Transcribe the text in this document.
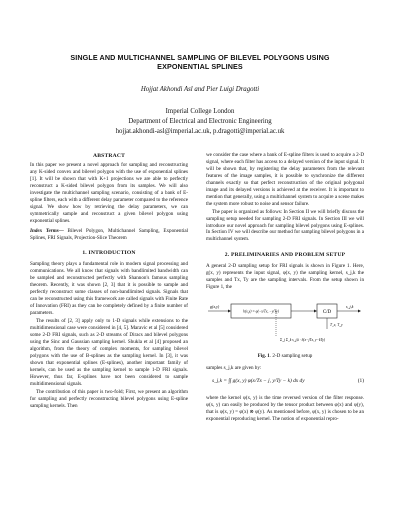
SINGLE AND MULTICHANNEL SAMPLING OF BILEVEL POLYGONS USING
EXPONENTIAL SPLINES
Hojjat Akhondi Asl and Pier Luigi Dragotti
Imperial College London
Department of Electrical and Electronic Engineering
hojjat.akhondi-asl@imperial.ac.uk, p.dragotti@imperial.ac.uk
ABSTRACT

In this paper we present a novel approach for sampling and reconstructing any K-sided convex and bilevel polygon with the use of exponential splines [1]. It will be shown that with K+1 projections we are able to perfectly reconstruct a K-sided bilevel polygon from its samples. We will also investigate the multichannel sampling scenario, consisting of a bank of E-spline filters, each with a different delay parameter compared to the reference signal. We show how by retrieving the delay parameters, we can symmetrically sample and reconstruct a given bilevel polygon using exponential splines.

Index Terms— Bilevel Polygon, Multichannel Sampling, Exponential Splines, FRI Signals, Projection-Slice Theorem

1. INTRODUCTION

Sampling theory plays a fundamental role in modern signal processing and communications. We all know that signals with bandlimited bandwidth can be sampled and reconstructed perfectly with Shannon's famous sampling theorem. Recently, it was shown [2, 3] that it is possible to sample and perfectly reconstruct some classes of non-bandlimited signals. Signals that can be reconstructed using this framework are called signals with Finite Rate of Innovation (FRI) as they can be completely defined by a finite number of parameters.

The results of [2, 3] apply only to 1-D signals while extensions to the multidimensional case were considered in [4, 5]. Maravic et al [5] considered some 2-D FRI signals, such as 2-D streams of Diracs and bilevel polygons using the Sinc and Gaussian sampling kernel. Shukla et al [4] proposed an algorithm, from the theory of complex moments, for sampling bilevel polygons with the use of B-splines as the sampling kernel. In [3], it was shown that exponential splines (E-splines), another important family of kernels, can be used as the sampling kernel to sample 1-D FRI signals. However, thus far, E-splines have not been considered to sample multidimensional signals.

The contribution of this paper is two-fold; First, we present an algorithm for sampling and perfectly reconstructing bilevel polygons using E-spline sampling kernels. Then

we consider the case where a bank of E-spline filters is used to acquire a 2-D signal, where each filter has access to a delayed version of the input signal. It will be shown that, by registering the delay parameters from the relevant features of the image samples, it is possible to synchronize the different channels exactly so that perfect reconstruction of the original polygonal image and its delayed versions is achieved at the receiver. It is important to mention that generally, using a multichannel system to acquire a scene makes the system more robust to noise and sensor failure.

The paper is organized as follows: In Section II we will briefly discuss the sampling setup needed for sampling 2-D FRI signals. In Section III we will introduce our novel approach for sampling bilevel polygons using E-splines. In Section IV we will describe our method for sampling bilevel polygons in a multichannel system.

2. PRELIMINARIES AND PROBLEM SETUP

A general 2-D sampling setup for FRI signals is shown in Figure 1. Here, g(x, y) represents the input signal, φ(x, y) the sampling kernel, s_j,k the samples and Tx, Ty are the sampling intervals. From the setup shown in Figure 1, the

g(x,y)
h(x,y) = φ(−x/Tx, −y/Ty)	C/D
s_j,k
T_x, T_y
Σ_j Σ_k s_j,k · δ(x−jTx, y−kTy)
Fig. 1. 2-D sampling setup

samples s_j,k are given by:

s_j,k = ∫∫ g(x, y) φ(x/Tx − j, y/Ty − k) dx dy	(1)

where the kernel φ(x, y) is the time reversed version of the filter response. φ(x, y) can easily be produced by the tensor product between φ(x) and φ(y), that is φ(x, y) = φ(x) ⊗ φ(y). As mentioned before, φ(x, y) is chosen to be an exponential reproducing kernel. The notion of exponential repro-
